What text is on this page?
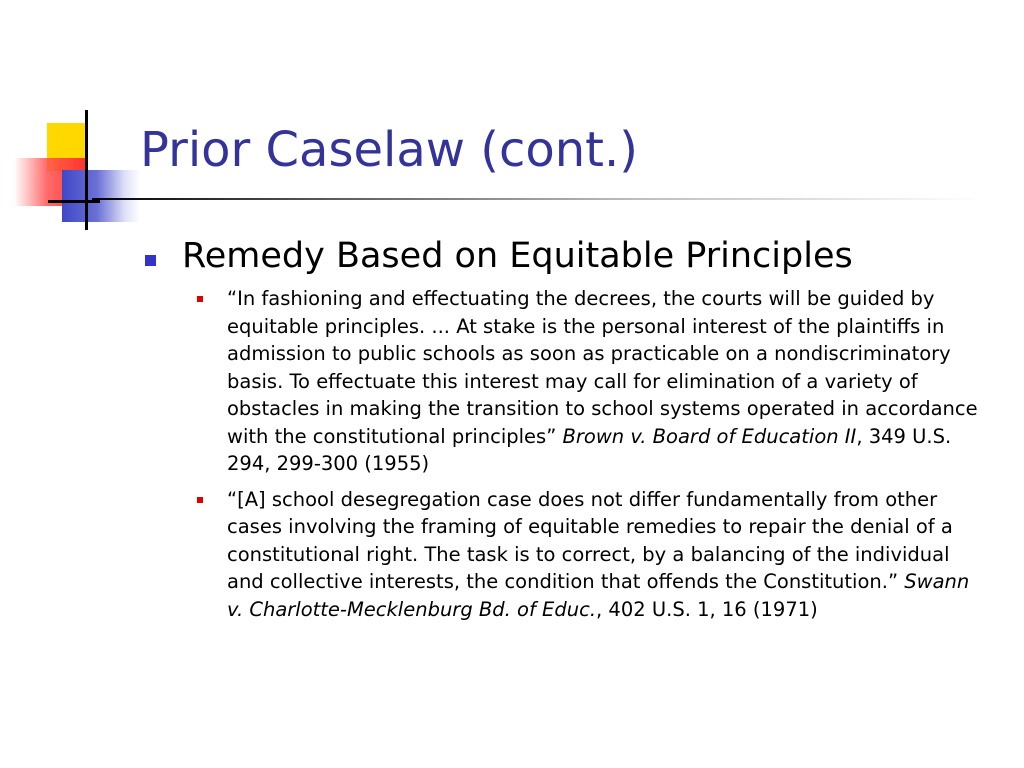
Prior Caselaw (cont.)
Remedy Based on Equitable Principles
“In fashioning and effectuating the decrees, the courts will be guided by equitable principles. ... At stake is the personal interest of the plaintiffs in admission to public schools as soon as practicable on a nondiscriminatory basis. To effectuate this interest may call for elimination of a variety of obstacles in making the transition to school systems operated in accordance with the constitutional principles” Brown v. Board of Education II, 349 U.S. 294, 299-300 (1955)
“[A] school desegregation case does not differ fundamentally from other cases involving the framing of equitable remedies to repair the denial of a constitutional right. The task is to correct, by a balancing of the individual and collective interests, the condition that offends the Constitution.” Swann v. Charlotte-Mecklenburg Bd. of Educ., 402 U.S. 1, 16 (1971)
